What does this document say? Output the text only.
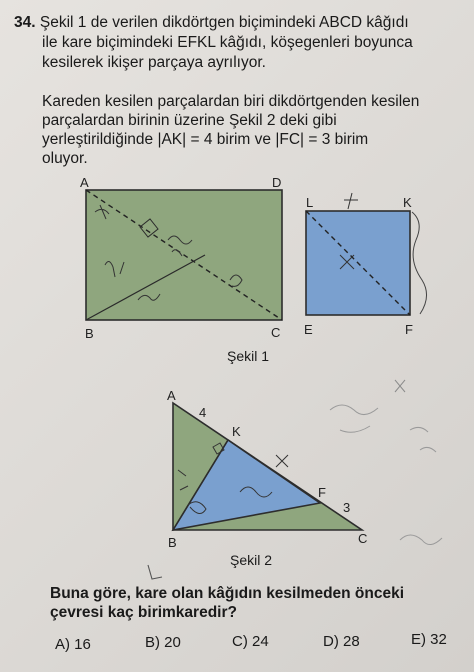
34. Şekil 1 de verilen dikdörtgen biçimindeki ABCD kâğıdı
ile kare biçimindeki EFKL kâğıdı, köşegenleri boyunca
kesilerek ikişer parçaya ayrılıyor.
Kareden kesilen parçalardan biri dikdörtgenden kesilen
parçalardan birinin üzerine Şekil 2 deki gibi
yerleştirildiğinde |AK| = 4 birim ve |FC| = 3 birim
oluyor.
A	D
B	C
L	K
E	F
Şekil 1
A
4
K
F
3
B	C
Şekil 2
Buna göre, kare olan kâğıdın kesilmeden önceki
çevresi kaç birimkaredir?
A) 16	B) 20	C) 24	D) 28	E) 32
